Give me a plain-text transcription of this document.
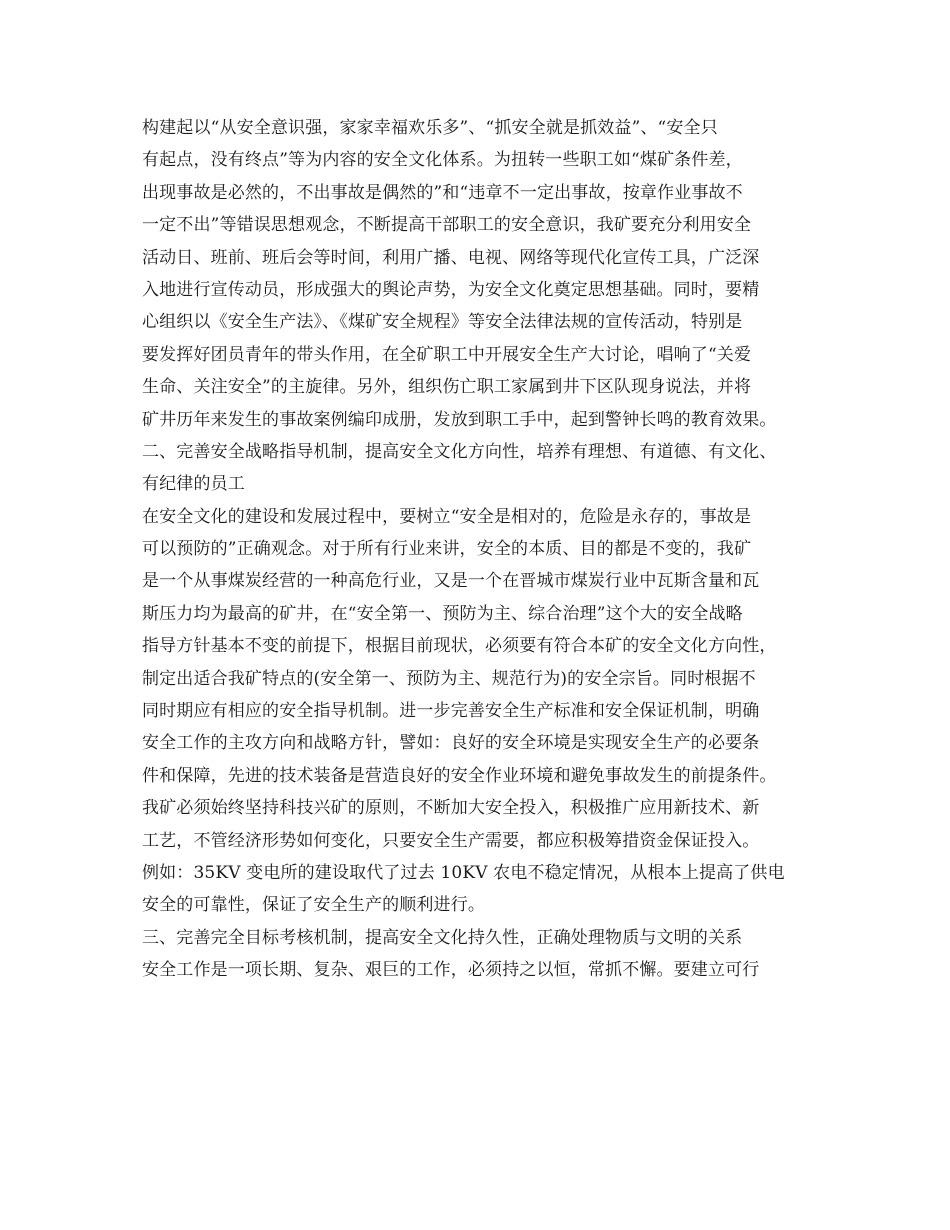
构建起以“从安全意识强，家家幸福欢乐多”、“抓安全就是抓效益”、“安全只
有起点，没有终点”等为内容的安全文化体系。为扭转一些职工如“煤矿条件差，
出现事故是必然的，不出事故是偶然的”和“违章不一定出事故，按章作业事故不
一定不出”等错误思想观念，不断提高干部职工的安全意识，我矿要充分利用安全
活动日、班前、班后会等时间，利用广播、电视、网络等现代化宣传工具，广泛深
入地进行宣传动员，形成强大的舆论声势，为安全文化奠定思想基础。同时，要精
心组织以《安全生产法》、《煤矿安全规程》等安全法律法规的宣传活动，特别是
要发挥好团员青年的带头作用，在全矿职工中开展安全生产大讨论，唱响了“关爱
生命、关注安全”的主旋律。另外，组织伤亡职工家属到井下区队现身说法，并将
矿井历年来发生的事故案例编印成册，发放到职工手中，起到警钟长鸣的教育效果。
二、完善安全战略指导机制，提高安全文化方向性，培养有理想、有道德、有文化、
有纪律的员工
在安全文化的建设和发展过程中，要树立“安全是相对的，危险是永存的，事故是
可以预防的”正确观念。对于所有行业来讲，安全的本质、目的都是不变的，我矿
是一个从事煤炭经营的一种高危行业，又是一个在晋城市煤炭行业中瓦斯含量和瓦
斯压力均为最高的矿井，在“安全第一、预防为主、综合治理”这个大的安全战略
指导方针基本不变的前提下，根据目前现状，必须要有符合本矿的安全文化方向性，
制定出适合我矿特点的(安全第一、预防为主、规范行为)的安全宗旨。同时根据不
同时期应有相应的安全指导机制。进一步完善安全生产标准和安全保证机制，明确
安全工作的主攻方向和战略方针，譬如：良好的安全环境是实现安全生产的必要条
件和保障，先进的技术装备是营造良好的安全作业环境和避免事故发生的前提条件。
我矿必须始终坚持科技兴矿的原则，不断加大安全投入，积极推广应用新技术、新
工艺，不管经济形势如何变化，只要安全生产需要，都应积极筹措资金保证投入。
例如：35KV 变电所的建设取代了过去 10KV 农电不稳定情况，从根本上提高了供电
安全的可靠性，保证了安全生产的顺利进行。
三、完善完全目标考核机制，提高安全文化持久性，正确处理物质与文明的关系
安全工作是一项长期、复杂、艰巨的工作，必须持之以恒，常抓不懈。要建立可行
